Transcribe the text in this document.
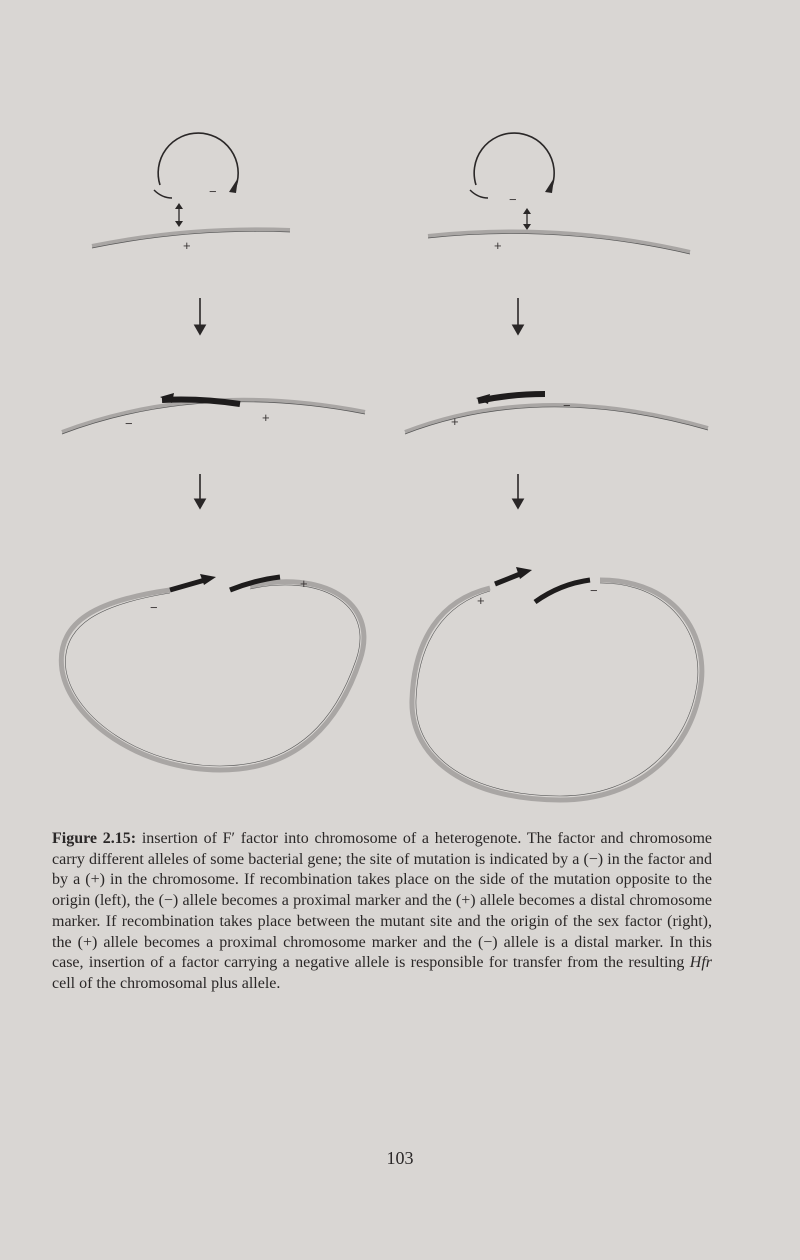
−
+
−	+
−
+
−
+
+
−
+
−

Figure 2.15: insertion of F′ factor into chromosome of a heterogenote. The factor and chromosome carry different alleles of some bacterial gene; the site of mutation is indicated by a (−) in the factor and by a (+) in the chromosome. If recombination takes place on the side of the mutation opposite to the origin (left), the (−) allele becomes a proximal marker and the (+) allele becomes a distal chromosome marker. If recombination takes place between the mutant site and the origin of the sex factor (right), the (+) allele becomes a proximal chromosome marker and the (−) allele is a distal marker. In this case, insertion of a factor carrying a negative allele is responsible for transfer from the resulting Hfr cell of the chromosomal plus allele.

103
